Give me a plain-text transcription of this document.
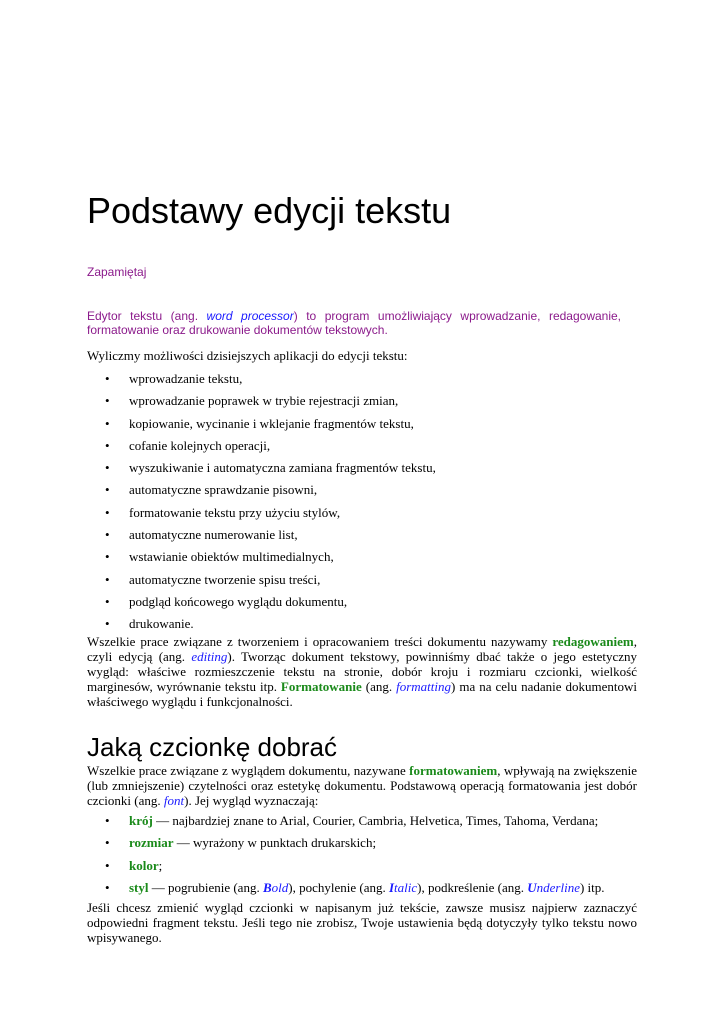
Podstawy edycji tekstu
Zapamiętaj
Edytor tekstu (ang. word processor) to program umożliwiający wprowadzanie, redagowanie, formatowanie oraz drukowanie dokumentów tekstowych.
Wyliczmy możliwości dzisiejszych aplikacji do edycji tekstu:
• wprowadzanie tekstu,
• wprowadzanie poprawek w trybie rejestracji zmian,
• kopiowanie, wycinanie i wklejanie fragmentów tekstu,
• cofanie kolejnych operacji,
• wyszukiwanie i automatyczna zamiana fragmentów tekstu,
• automatyczne sprawdzanie pisowni,
• formatowanie tekstu przy użyciu stylów,
• automatyczne numerowanie list,
• wstawianie obiektów multimedialnych,
• automatyczne tworzenie spisu treści,
• podgląd końcowego wyglądu dokumentu,
• drukowanie.
Wszelkie prace związane z tworzeniem i opracowaniem treści dokumentu nazywamy redagowaniem, czyli edycją (ang. editing). Tworząc dokument tekstowy, powinniśmy dbać także o jego estetyczny wygląd: właściwe rozmieszczenie tekstu na stronie, dobór kroju i rozmiaru czcionki, wielkość marginesów, wyrównanie tekstu itp. Formatowanie (ang. formatting) ma na celu nadanie dokumentowi właściwego wyglądu i funkcjonalności.
Jaką czcionkę dobrać
Wszelkie prace związane z wyglądem dokumentu, nazywane formatowaniem, wpływają na zwiększenie (lub zmniejszenie) czytelności oraz estetykę dokumentu. Podstawową operacją formatowania jest dobór czcionki (ang. font). Jej wygląd wyznaczają:
• krój — najbardziej znane to Arial, Courier, Cambria, Helvetica, Times, Tahoma, Verdana;
• rozmiar — wyrażony w punktach drukarskich;
• kolor;
• styl — pogrubienie (ang. Bold), pochylenie (ang. Italic), podkreślenie (ang. Underline) itp.
Jeśli chcesz zmienić wygląd czcionki w napisanym już tekście, zawsze musisz najpierw zaznaczyć odpowiedni fragment tekstu. Jeśli tego nie zrobisz, Twoje ustawienia będą dotyczyły tylko tekstu nowo wpisywanego.
